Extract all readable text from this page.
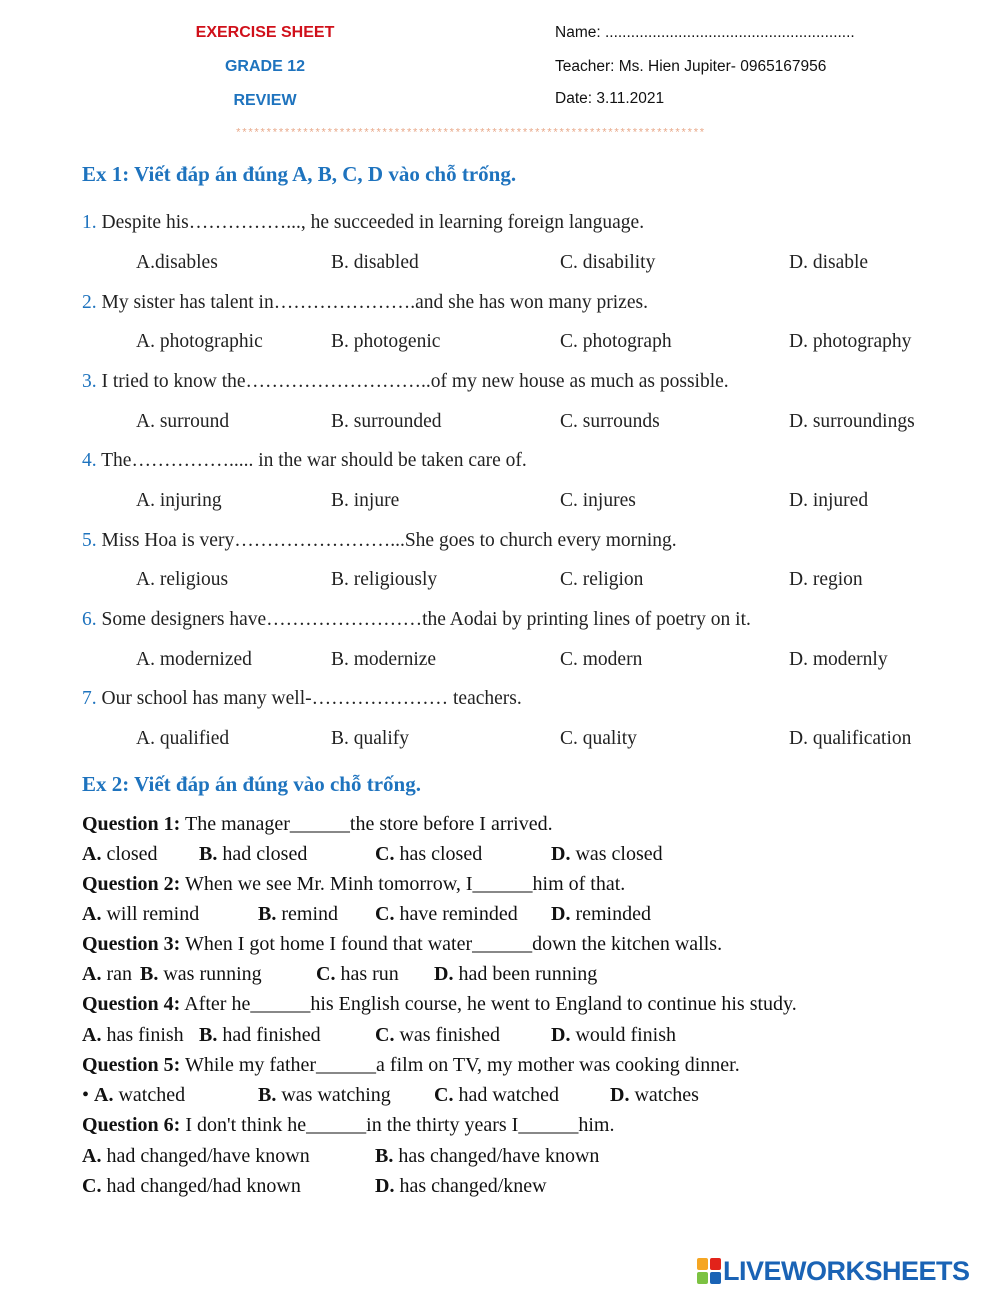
EXERCISE SHEET
GRADE 12
REVIEW
Name: ..........................................................
Teacher: Ms. Hien Jupiter- 0965167956
Date: 3.11.2021
*****************************************************************************
Ex 1: Viết đáp án đúng A, B, C, D vào chỗ trống.
1. Despite his……………..., he succeeded in learning foreign language.
A.disables	B. disabled	C. disability	D. disable
2. My sister has talent in………………….and she has won many prizes.
A. photographic	B. photogenic	C. photograph	D. photography
3. I tried to know the………………………..of my new house as much as possible.
A. surround	B. surrounded	C. surrounds	D. surroundings
4. The……………..... in the war should be taken care of.
A. injuring	B. injure	C. injures	D. injured
5. Miss Hoa is very……………………...She goes to church every morning.
A. religious	B. religiously	C. religion	D. region
6. Some designers have……………………the Aodai by printing lines of poetry on it.
A. modernized	B. modernize	C. modern	D. modernly
7. Our school has many well-………………… teachers.
A. qualified	B. qualify	C. quality	D. qualification
Ex 2: Viết đáp án đúng vào chỗ trống.
Question 1: The manager______the store before I arrived.
A. closed B. had closed	C. has closed	D. was closed
Question 2: When we see Mr. Minh tomorrow, I______him of that.
A. will remind	B. remind C. have reminded D. reminded
Question 3: When I got home I found that water______down the kitchen walls.
A. ran B. was running	C. has run D. had been running
Question 4: After he______his English course, he went to England to continue his study.
A. has finish B. had finished	C. was finished	D. would finish
Question 5: While my father______a film on TV, my mother was cooking dinner.
• A. watched	B. was watching C. had watched	D. watches
Question 6: I don't think he______in the thirty years I______him.
A. had changed/have known	B. has changed/have known
C. had changed/had known	D. has changed/knew
LIVEWORKSHEETS
